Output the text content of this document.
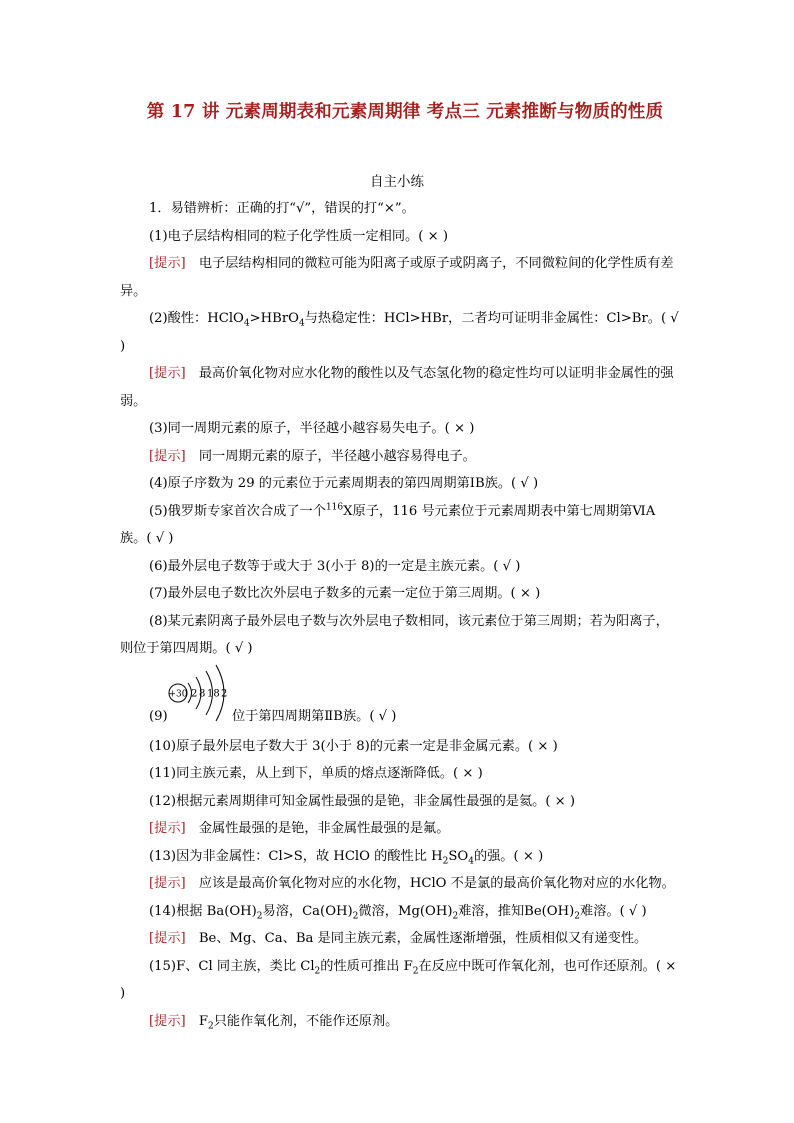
第 17 讲 元素周期表和元素周期律 考点三 元素推断与物质的性质
自主小练
1．易错辨析：正确的打“√”，错误的打“×”。
(1)电子层结构相同的粒子化学性质一定相同。( × )
[提示]　 电子层结构相同的微粒可能为阳离子或原子或阴离子，不同微粒间的化学性质有差异。
(2)酸性：HClO$_4$>HBrO$_4$与热稳定性：HCl>HBr，二者均可证明非金属性：Cl>Br。( √ )
[提示]　 最高价氧化物对应水化物的酸性以及气态氢化物的稳定性均可以证明非金属性的强弱。
(3)同一周期元素的原子，半径越小越容易失电子。( × )
[提示]　 同一周期元素的原子，半径越小越容易得电子。
(4)原子序数为 29 的元素位于元素周期表的第四周期第ⅠB族。( √ )
(5)俄罗斯专家首次合成了一个$^{116}$X原子，116 号元素位于元素周期表中第七周期第ⅥA族。( √ )
(6)最外层电子数等于或大于 3(小于 8)的一定是主族元素。( √ )
(7)最外层电子数比次外层电子数多的元素一定位于第三周期。( × )
(8)某元素阴离子最外层电子数与次外层电子数相同，该元素位于第三周期；若为阳离子，则位于第四周期。( √ )
(9)
+30 2 8 18 2
位于第四周期第ⅡB族。( √ )
(10)原子最外层电子数大于 3(小于 8)的元素一定是非金属元素。( × )
(11)同主族元素，从上到下，单质的熔点逐渐降低。( × )
(12)根据元素周期律可知金属性最强的是铯，非金属性最强的是氦。( × )
[提示]　 金属性最强的是铯，非金属性最强的是氟。
(13)因为非金属性：Cl>S，故 HClO 的酸性比 $H_2SO_4$的强。( × )
[提示]　 应该是最高价氧化物对应的水化物，HClO 不是氯的最高价氧化物对应的水化物。
(14)根据 $Ba(OH)_2$易溶，$Ca(OH)_2$微溶，$Mg(OH)_2$难溶，推知$Be(OH)_2$难溶。( √ )
[提示]　 Be、Mg、Ca、Ba 是同主族元素，金属性逐渐增强，性质相似又有递变性。
(15)F、Cl 同主族，类比 $Cl_2$的性质可推出 $F_2$在反应中既可作氧化剂，也可作还原剂。( × )
[提示]　 $F_2$只能作氧化剂，不能作还原剂。
